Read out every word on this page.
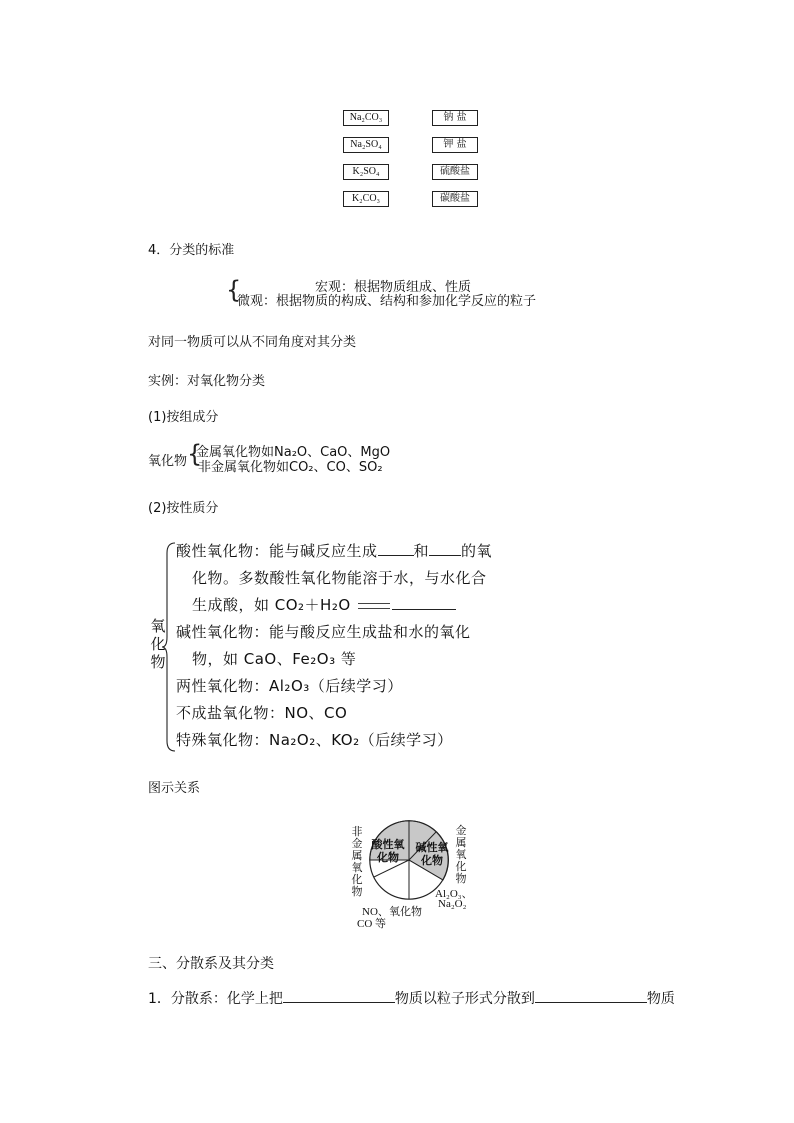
Na₂CO₃	钠 盐
Na₂SO₄	钾 盐
K₂SO₄	硫酸盐
K₂CO₃	碳酸盐
4．分类的标准
{	宏观：根据物质组成、性质
微观：根据物质的构成、结构和参加化学反应的粒子
对同一物质可以从不同角度对其分类
实例：对氧化物分类
(1)按组成分
氧化物 {
金属氧化物如Na₂O、CaO、MgO
非金属氧化物如CO₂、CO、SO₂
(2)按性质分
氧化物
酸性氧化物：能与碱反应生成 和 的氧
化物。多数酸性氧化物能溶于水，与水化合
生成酸，如 CO₂＋H₂O
碱性氧化物：能与酸反应生成盐和水的氧化
物，如 CaO、Fe₂O₃ 等
两性氧化物：Al₂O₃（后续学习）
不成盐氧化物：NO、CO
特殊氧化物：Na₂O₂、KO₂（后续学习）
图示关系
酸性氧化物
碱性氧化物
氧化物
非金属氧化物
金属氧化物
Al₂O₃、
Na₂O₂
NO、
CO 等
三、分散系及其分类
1．分散系：化学上把	物质以粒子形式分散到	物质
